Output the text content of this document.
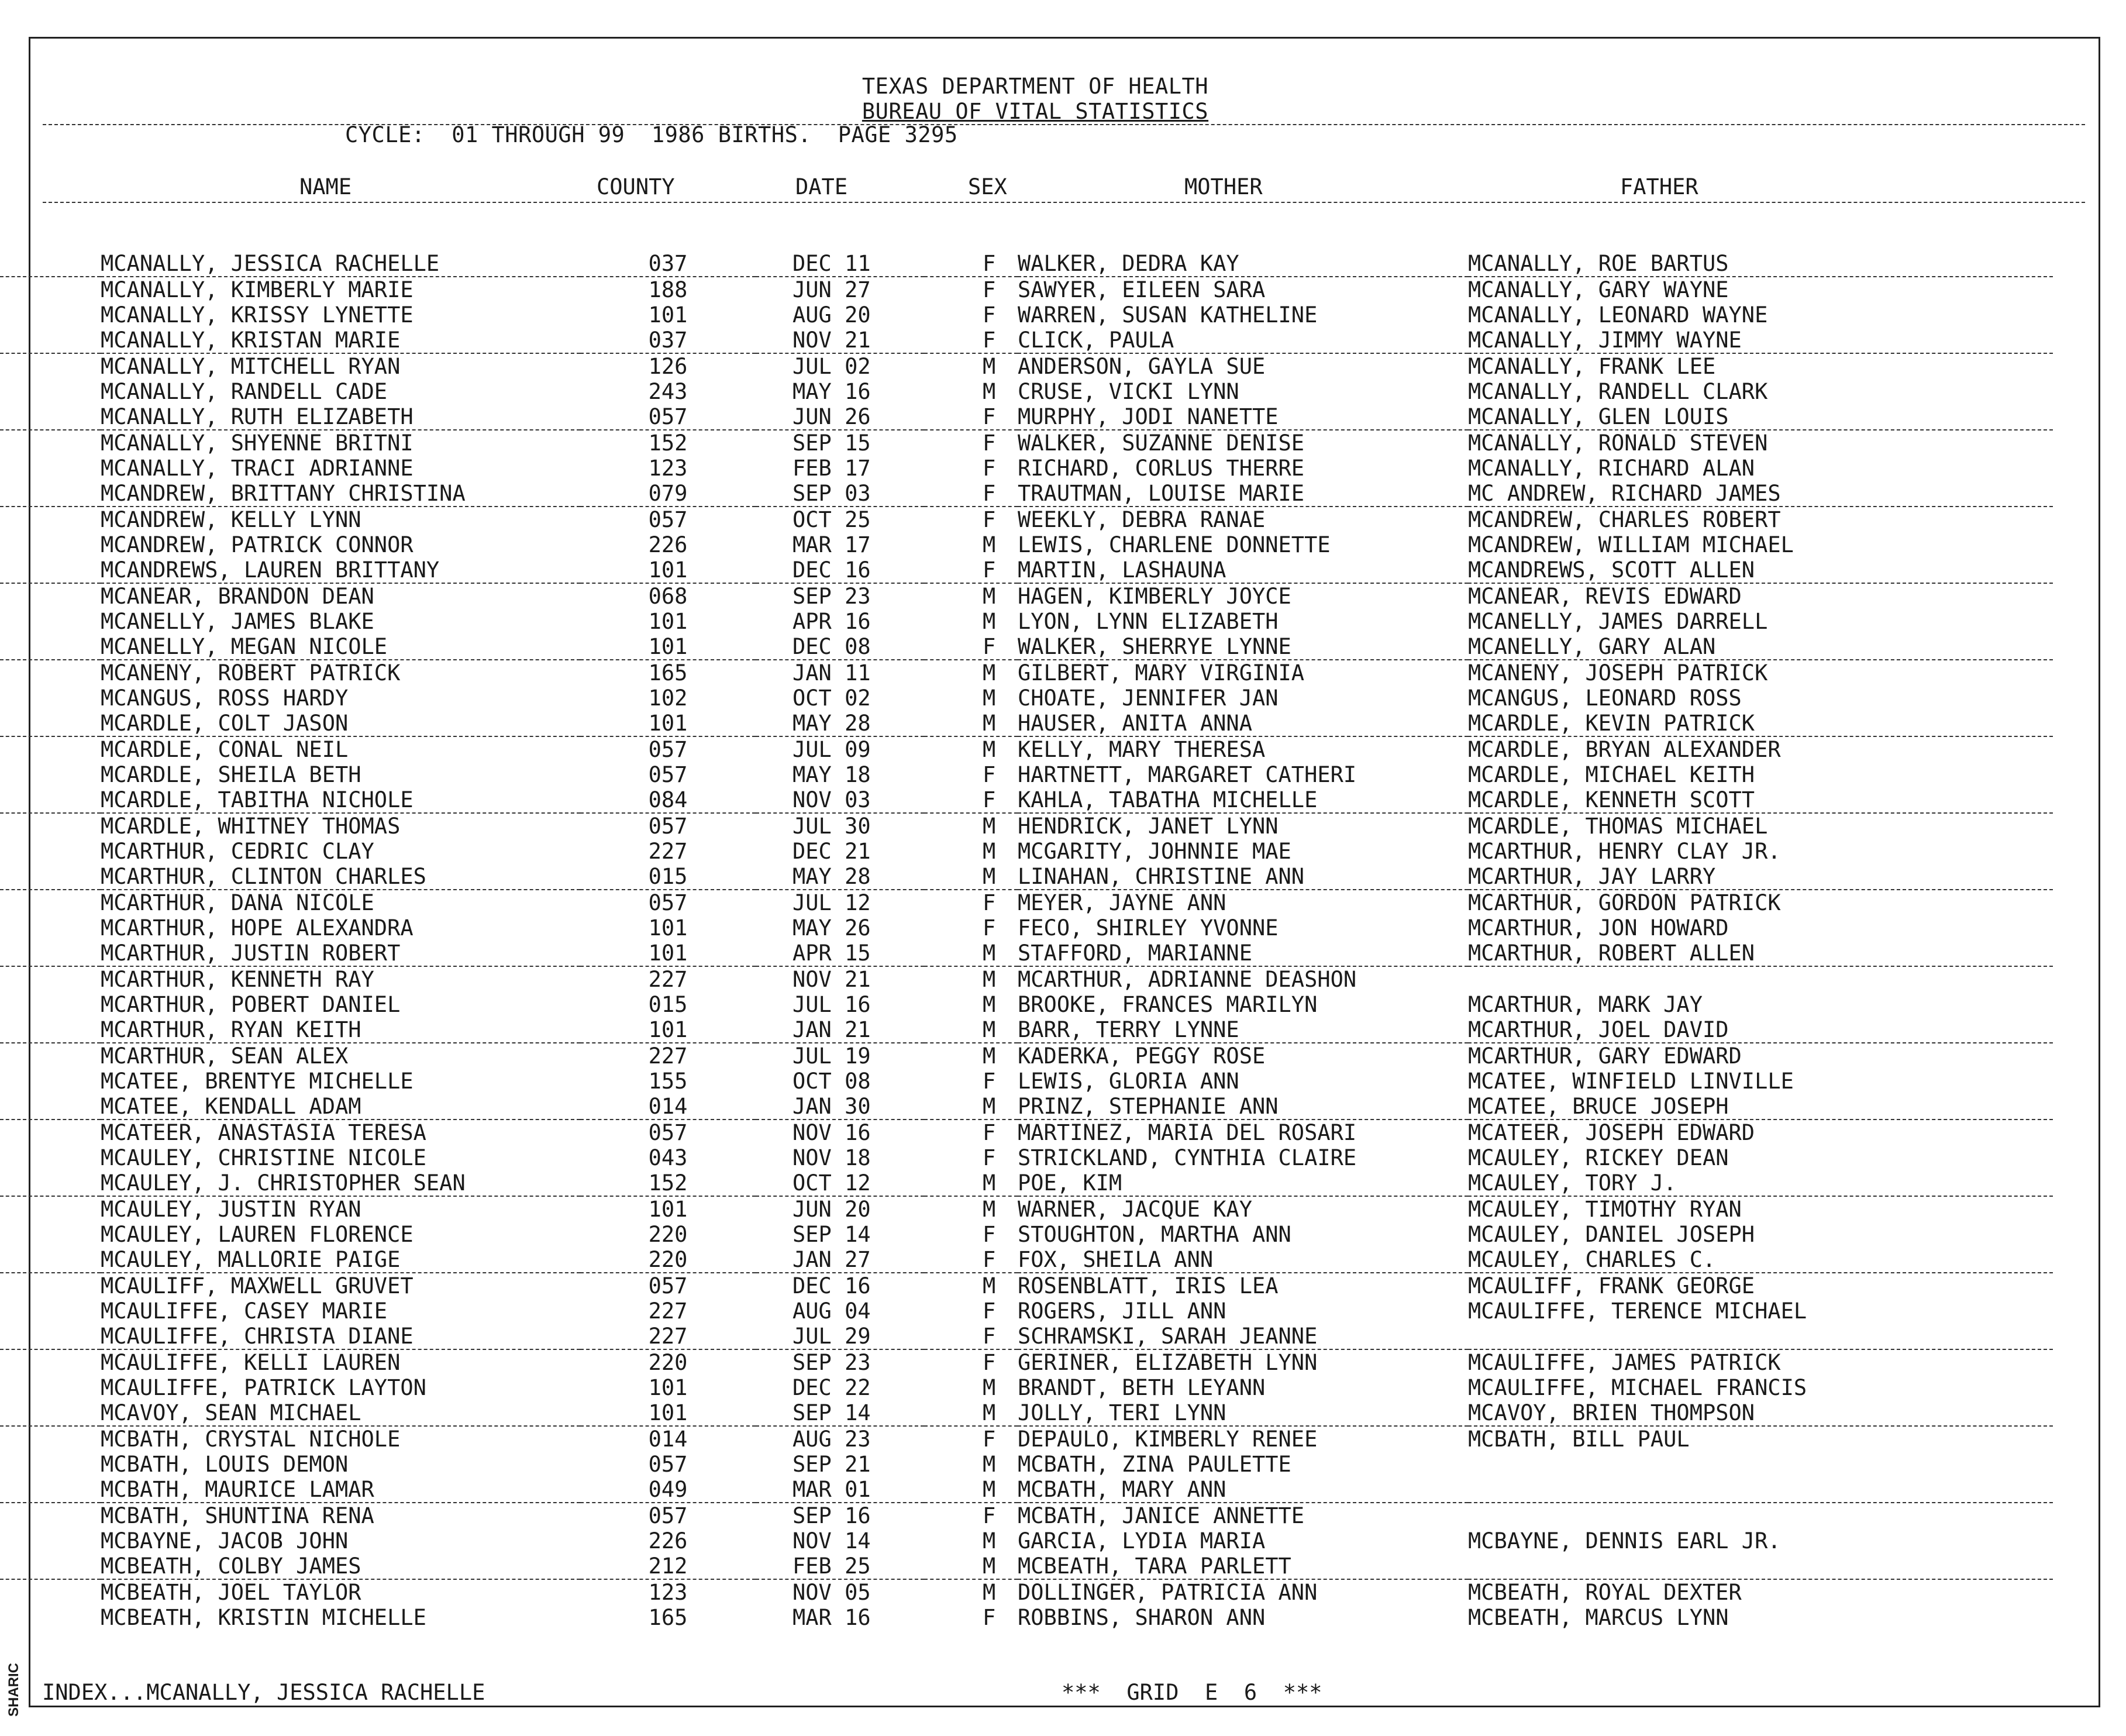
SHARIC
TEXAS DEPARTMENT OF HEALTH
BUREAU OF VITAL STATISTICS
CYCLE:  01 THROUGH 99  1986 BIRTHS.  PAGE 3295
NAME	COUNTY	DATE	SEX	MOTHER	FATHER
	MCANALLY, JESSICA RACHELLE	037	DEC 11	F	WALKER, DEDRA KAY	MCANALLY, ROE BARTUS
	MCANALLY, KIMBERLY MARIE	188	JUN 27	F	SAWYER, EILEEN SARA	MCANALLY, GARY WAYNE
	MCANALLY, KRISSY LYNETTE	101	AUG 20	F	WARREN, SUSAN KATHELINE	MCANALLY, LEONARD WAYNE
	MCANALLY, KRISTAN MARIE	037	NOV 21	F	CLICK, PAULA	MCANALLY, JIMMY WAYNE
	MCANALLY, MITCHELL RYAN	126	JUL 02	M	ANDERSON, GAYLA SUE	MCANALLY, FRANK LEE
	MCANALLY, RANDELL CADE	243	MAY 16	M	CRUSE, VICKI LYNN	MCANALLY, RANDELL CLARK
	MCANALLY, RUTH ELIZABETH	057	JUN 26	F	MURPHY, JODI NANETTE	MCANALLY, GLEN LOUIS
	MCANALLY, SHYENNE BRITNI	152	SEP 15	F	WALKER, SUZANNE DENISE	MCANALLY, RONALD STEVEN
	MCANALLY, TRACI ADRIANNE	123	FEB 17	F	RICHARD, CORLUS THERRE	MCANALLY, RICHARD ALAN
	MCANDREW, BRITTANY CHRISTINA	079	SEP 03	F	TRAUTMAN, LOUISE MARIE	MC ANDREW, RICHARD JAMES
	MCANDREW, KELLY LYNN	057	OCT 25	F	WEEKLY, DEBRA RANAE	MCANDREW, CHARLES ROBERT
	MCANDREW, PATRICK CONNOR	226	MAR 17	M	LEWIS, CHARLENE DONNETTE	MCANDREW, WILLIAM MICHAEL
	MCANDREWS, LAUREN BRITTANY	101	DEC 16	F	MARTIN, LASHAUNA	MCANDREWS, SCOTT ALLEN
	MCANEAR, BRANDON DEAN	068	SEP 23	M	HAGEN, KIMBERLY JOYCE	MCANEAR, REVIS EDWARD
	MCANELLY, JAMES BLAKE	101	APR 16	M	LYON, LYNN ELIZABETH	MCANELLY, JAMES DARRELL
	MCANELLY, MEGAN NICOLE	101	DEC 08	F	WALKER, SHERRYE LYNNE	MCANELLY, GARY ALAN
	MCANENY, ROBERT PATRICK	165	JAN 11	M	GILBERT, MARY VIRGINIA	MCANENY, JOSEPH PATRICK
	MCANGUS, ROSS HARDY	102	OCT 02	M	CHOATE, JENNIFER JAN	MCANGUS, LEONARD ROSS
	MCARDLE, COLT JASON	101	MAY 28	M	HAUSER, ANITA ANNA	MCARDLE, KEVIN PATRICK
	MCARDLE, CONAL NEIL	057	JUL 09	M	KELLY, MARY THERESA	MCARDLE, BRYAN ALEXANDER
	MCARDLE, SHEILA BETH	057	MAY 18	F	HARTNETT, MARGARET CATHERI	MCARDLE, MICHAEL KEITH
	MCARDLE, TABITHA NICHOLE	084	NOV 03	F	KAHLA, TABATHA MICHELLE	MCARDLE, KENNETH SCOTT
	MCARDLE, WHITNEY THOMAS	057	JUL 30	M	HENDRICK, JANET LYNN	MCARDLE, THOMAS MICHAEL
	MCARTHUR, CEDRIC CLAY	227	DEC 21	M	MCGARITY, JOHNNIE MAE	MCARTHUR, HENRY CLAY JR.
	MCARTHUR, CLINTON CHARLES	015	MAY 28	M	LINAHAN, CHRISTINE ANN	MCARTHUR, JAY LARRY
	MCARTHUR, DANA NICOLE	057	JUL 12	F	MEYER, JAYNE ANN	MCARTHUR, GORDON PATRICK
	MCARTHUR, HOPE ALEXANDRA	101	MAY 26	F	FECO, SHIRLEY YVONNE	MCARTHUR, JON HOWARD
	MCARTHUR, JUSTIN ROBERT	101	APR 15	M	STAFFORD, MARIANNE	MCARTHUR, ROBERT ALLEN
	MCARTHUR, KENNETH RAY	227	NOV 21	M	MCARTHUR, ADRIANNE DEASHON	
	MCARTHUR, POBERT DANIEL	015	JUL 16	M	BROOKE, FRANCES MARILYN	MCARTHUR, MARK JAY
	MCARTHUR, RYAN KEITH	101	JAN 21	M	BARR, TERRY LYNNE	MCARTHUR, JOEL DAVID
	MCARTHUR, SEAN ALEX	227	JUL 19	M	KADERKA, PEGGY ROSE	MCARTHUR, GARY EDWARD
	MCATEE, BRENTYE MICHELLE	155	OCT 08	F	LEWIS, GLORIA ANN	MCATEE, WINFIELD LINVILLE
	MCATEE, KENDALL ADAM	014	JAN 30	M	PRINZ, STEPHANIE ANN	MCATEE, BRUCE JOSEPH
	MCATEER, ANASTASIA TERESA	057	NOV 16	F	MARTINEZ, MARIA DEL ROSARI	MCATEER, JOSEPH EDWARD
	MCAULEY, CHRISTINE NICOLE	043	NOV 18	F	STRICKLAND, CYNTHIA CLAIRE	MCAULEY, RICKEY DEAN
	MCAULEY, J. CHRISTOPHER SEAN	152	OCT 12	M	POE, KIM	MCAULEY, TORY J.
	MCAULEY, JUSTIN RYAN	101	JUN 20	M	WARNER, JACQUE KAY	MCAULEY, TIMOTHY RYAN
	MCAULEY, LAUREN FLORENCE	220	SEP 14	F	STOUGHTON, MARTHA ANN	MCAULEY, DANIEL JOSEPH
	MCAULEY, MALLORIE PAIGE	220	JAN 27	F	FOX, SHEILA ANN	MCAULEY, CHARLES C.
	MCAULIFF, MAXWELL GRUVET	057	DEC 16	M	ROSENBLATT, IRIS LEA	MCAULIFF, FRANK GEORGE
	MCAULIFFE, CASEY MARIE	227	AUG 04	F	ROGERS, JILL ANN	MCAULIFFE, TERENCE MICHAEL
	MCAULIFFE, CHRISTA DIANE	227	JUL 29	F	SCHRAMSKI, SARAH JEANNE	
	MCAULIFFE, KELLI LAUREN	220	SEP 23	F	GERINER, ELIZABETH LYNN	MCAULIFFE, JAMES PATRICK
	MCAULIFFE, PATRICK LAYTON	101	DEC 22	M	BRANDT, BETH LEYANN	MCAULIFFE, MICHAEL FRANCIS
	MCAVOY, SEAN MICHAEL	101	SEP 14	M	JOLLY, TERI LYNN	MCAVOY, BRIEN THOMPSON
	MCBATH, CRYSTAL NICHOLE	014	AUG 23	F	DEPAULO, KIMBERLY RENEE	MCBATH, BILL PAUL
	MCBATH, LOUIS DEMON	057	SEP 21	M	MCBATH, ZINA PAULETTE	
	MCBATH, MAURICE LAMAR	049	MAR 01	M	MCBATH, MARY ANN	
	MCBATH, SHUNTINA RENA	057	SEP 16	F	MCBATH, JANICE ANNETTE	
	MCBAYNE, JACOB JOHN	226	NOV 14	M	GARCIA, LYDIA MARIA	MCBAYNE, DENNIS EARL JR.
	MCBEATH, COLBY JAMES	212	FEB 25	M	MCBEATH, TARA PARLETT	
	MCBEATH, JOEL TAYLOR	123	NOV 05	M	DOLLINGER, PATRICIA ANN	MCBEATH, ROYAL DEXTER
	MCBEATH, KRISTIN MICHELLE	165	MAR 16	F	ROBBINS, SHARON ANN	MCBEATH, MARCUS LYNN
INDEX...MCANALLY, JESSICA RACHELLE	***  GRID  E  6  ***
